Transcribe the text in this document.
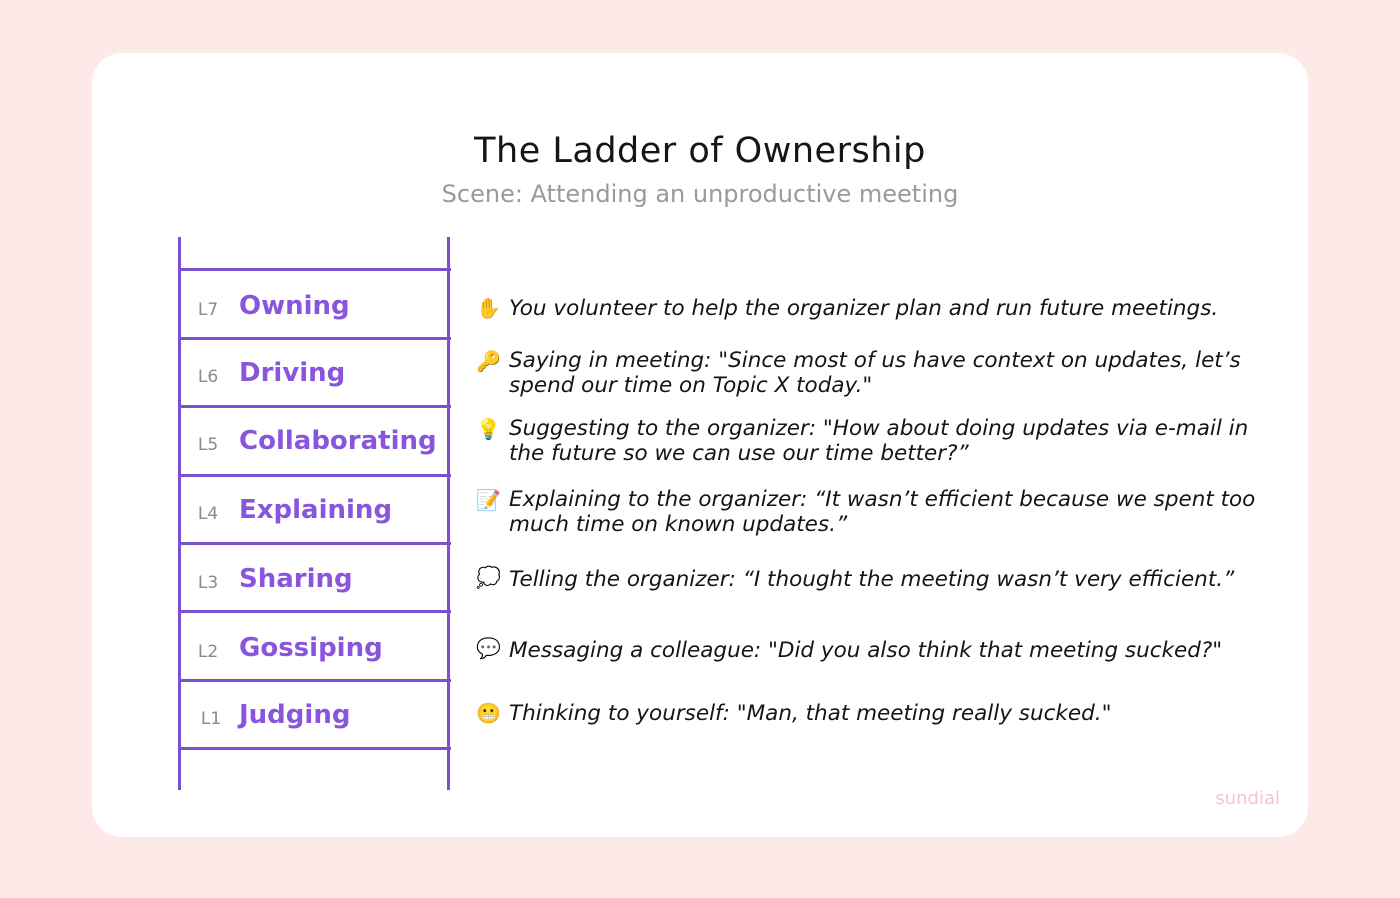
The Ladder of Ownership
Scene: Attending an unproductive meeting
L7 Owning	✋ You volunteer to help the organizer plan and run future meetings.
L6 Driving	🔑 Saying in meeting: "Since most of us have context on updates, let’s spend our time on Topic X today."
L5 Collaborating 💡 Suggesting to the organizer: "How about doing updates via e-mail in the future so we can use our time better?”
L4 Explaining	📝 Explaining to the organizer: “It wasn’t efficient because we spent too much time on known updates.”
L3 Sharing	💭 Telling the organizer: “I thought the meeting wasn’t very efficient.”
L2 Gossiping	💬 Messaging a colleague: "Did you also think that meeting sucked?"
L1 Judging	😬 Thinking to yourself: "Man, that meeting really sucked."
sundial
